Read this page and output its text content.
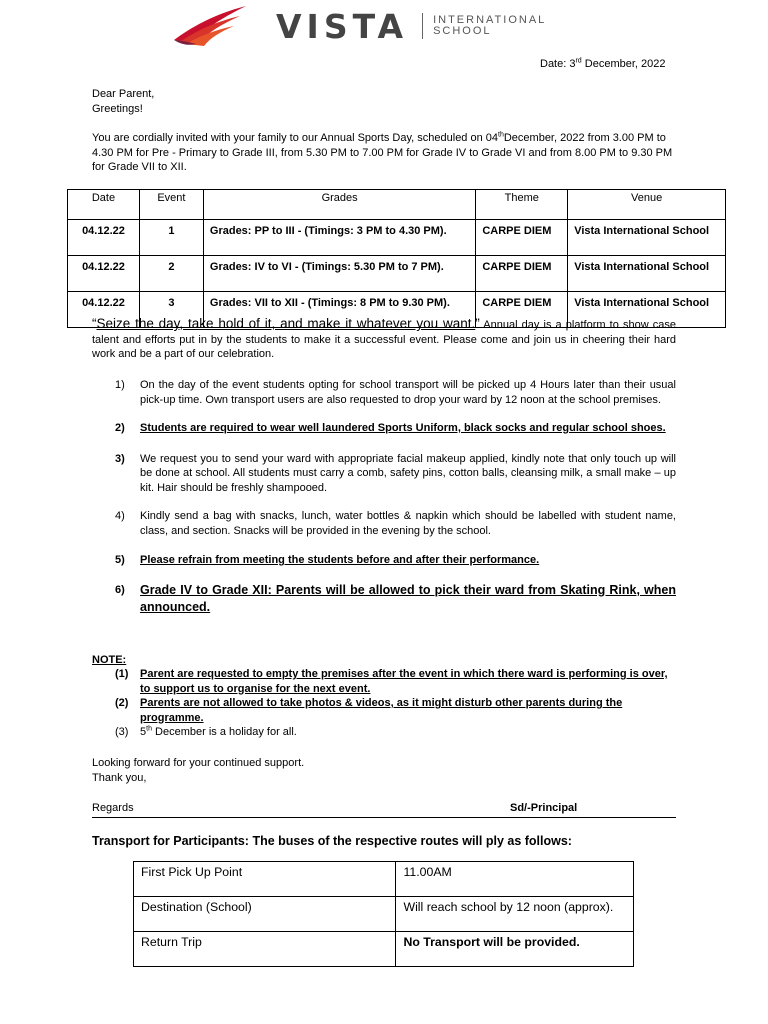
VISTA INTERNATIONAL
SCHOOL
Date: 3rd December, 2022
Dear Parent,
Greetings!
You are cordially invited with your family to our Annual Sports Day, scheduled on 04thDecember, 2022 from 3.00 PM to 4.30 PM for Pre - Primary to Grade III, from 5.30 PM to 7.00 PM for Grade IV to Grade VI and from 8.00 PM to 9.30 PM for Grade VII to XII.
Date	Event	Grades	Theme	Venue
04.12.22	1	Grades: PP to III - (Timings: 3 PM to 4.30 PM).	CARPE DIEM	Vista International School
04.12.22	2	Grades: IV to VI - (Timings: 5.30 PM to 7 PM).	CARPE DIEM	Vista International School
04.12.22	3	Grades: VII to XII - (Timings: 8 PM to 9.30 PM).	CARPE DIEM	Vista International School
“Seize the day, take hold of it, and make it whatever you want.” Annual day is a platform to show case talent and efforts put in by the students to make it a successful event. Please come and join us in cheering their hard work and be a part of our celebration.
1) On the day of the event students opting for school transport will be picked up 4 Hours later than their usual pick-up time. Own transport users are also requested to drop your ward by 12 noon at the school premises.
2) Students are required to wear well laundered Sports Uniform, black socks and regular school shoes.
3) We request you to send your ward with appropriate facial makeup applied, kindly note that only touch up will be done at school. All students must carry a comb, safety pins, cotton balls, cleansing milk, a small make – up kit. Hair should be freshly shampooed.
4) Kindly send a bag with snacks, lunch, water bottles & napkin which should be labelled with student name, class, and section. Snacks will be provided in the evening by the school.
5) Please refrain from meeting the students before and after their performance.
6) Grade IV to Grade XII: Parents will be allowed to pick their ward from Skating Rink, when announced.
NOTE:
(1) Parent are requested to empty the premises after the event in which there ward is performing is over, to support us to organise for the next event.
(2) Parents are not allowed to take photos & videos, as it might disturb other parents during the programme.
(3) 5th December is a holiday for all.
Looking forward for your continued support.
Thank you,
Regards	Sd/-Principal
Transport for Participants: The buses of the respective routes will ply as follows:
First Pick Up Point	11.00AM
Destination (School)	Will reach school by 12 noon (approx).
Return Trip	No Transport will be provided.
